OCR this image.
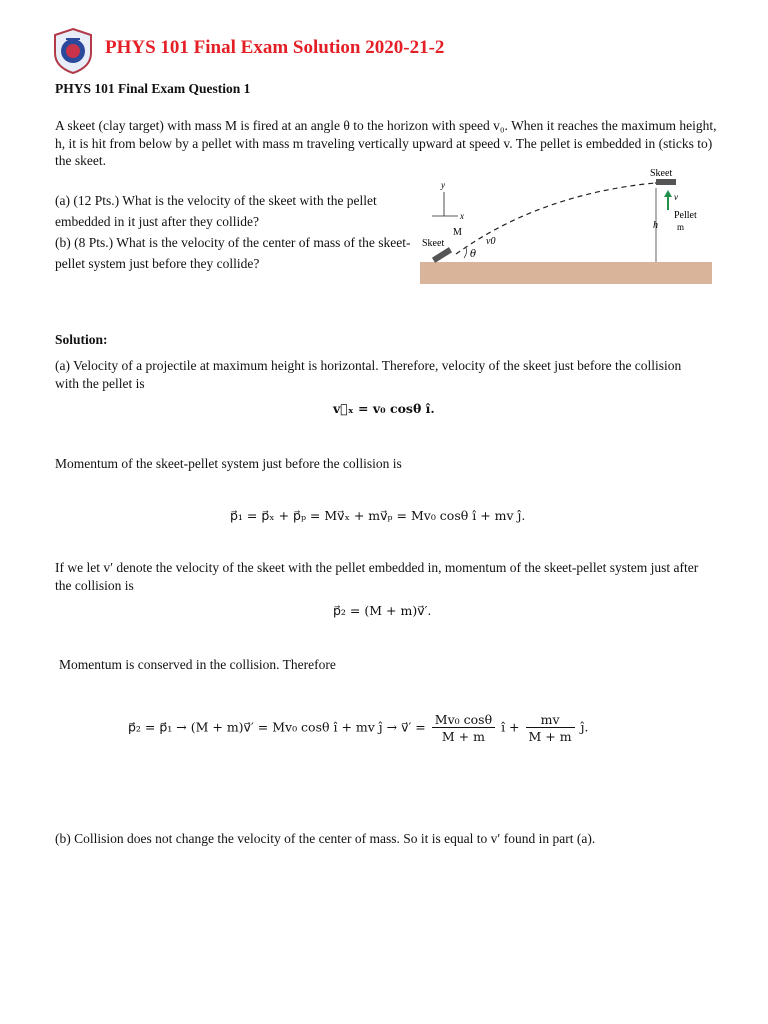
PHYS 101 Final Exam Solution 2020-21-2
PHYS 101 Final Exam Question 1
A skeet (clay target) with mass M is fired at an angle θ to the horizon with speed v₀. When it reaches the maximum height, h, it is hit from below by a pellet with mass m traveling vertically upward at speed v. The pellet is embedded in (sticks to) the skeet.
(a) (12 Pts.) What is the velocity of the skeet with the pellet embedded in it just after they collide?
(b) (8 Pts.) What is the velocity of the center of mass of the skeet-pellet system just before they collide?
y
x
M
Skeet	v0
θ
Skeet
h
v
Pellet
m
Solution:
(a) Velocity of a projectile at maximum height is horizontal. Therefore, velocity of the skeet just before the collision with the pellet is
v⃗ₓ = v₀ cosθ î.
Momentum of the skeet-pellet system just before the collision is
p⃗₁ = p⃗ₓ + p⃗ₚ = Mv⃗ₓ + mv⃗ₚ = Mv₀ cosθ î + mv ĵ.
If we let v′ denote the velocity of the skeet with the pellet embedded in, momentum of the skeet-pellet system just after the collision is
p⃗₂ = (M + m)v⃗′.
Momentum is conserved in the collision. Therefore
p⃗₂ = p⃗₁ → (M + m)v⃗′ = Mv₀ cosθ î + mv ĵ → v⃗′ = $\frac{\text{Mv₀ cosθ}}{M + m}$ î + $\frac{mv}{M + m}$ ĵ.
(b) Collision does not change the velocity of the center of mass. So it is equal to v′ found in part (a).
